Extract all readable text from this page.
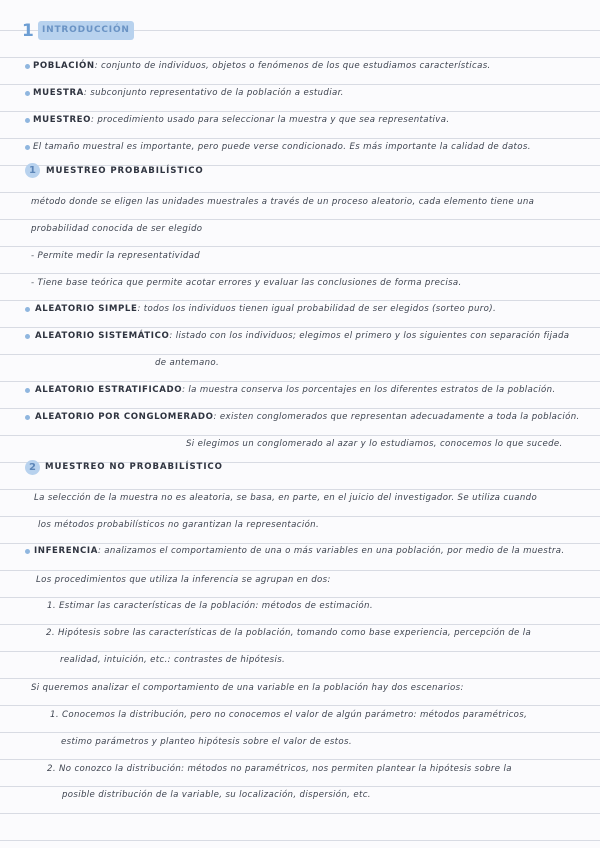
1 INTRODUCCIÓN
POBLACIÓN: conjunto de individuos, objetos o fenómenos de los que estudiamos características.
MUESTRA: subconjunto representativo de la población a estudiar.
MUESTREO: procedimiento usado para seleccionar la muestra y que sea representativa.
El tamaño muestral es importante, pero puede verse condicionado. Es más importante la calidad de datos.
1	MUESTREO PROBABILÍSTICO
método donde se eligen las unidades muestrales a través de un proceso aleatorio, cada elemento tiene una
probabilidad conocida de ser elegido
- Permite medir la representatividad
- Tiene base teórica que permite acotar errores y evaluar las conclusiones de forma precisa.
ALEATORIO SIMPLE: todos los individuos tienen igual probabilidad de ser elegidos (sorteo puro).
ALEATORIO SISTEMÁTICO: listado con los individuos; elegimos el primero y los siguientes con separación fijada
de antemano.
ALEATORIO ESTRATIFICADO: la muestra conserva los porcentajes en los diferentes estratos de la población.
ALEATORIO POR CONGLOMERADO: existen conglomerados que representan adecuadamente a toda la población.
Si elegimos un conglomerado al azar y lo estudiamos, conocemos lo que sucede.
2	MUESTREO NO PROBABILÍSTICO
La selección de la muestra no es aleatoria, se basa, en parte, en el juicio del investigador. Se utiliza cuando
los métodos probabilísticos no garantizan la representación.
INFERENCIA: analizamos el comportamiento de una o más variables en una población, por medio de la muestra.
Los procedimientos que utiliza la inferencia se agrupan en dos:
1. Estimar las características de la población: métodos de estimación.
2. Hipótesis sobre las características de la población, tomando como base experiencia, percepción de la
realidad, intuición, etc.: contrastes de hipótesis.
Si queremos analizar el comportamiento de una variable en la población hay dos escenarios:
1. Conocemos la distribución, pero no conocemos el valor de algún parámetro: métodos paramétricos,
estimo parámetros y planteo hipótesis sobre el valor de estos.
2. No conozco la distribución: métodos no paramétricos, nos permiten plantear la hipótesis sobre la
posible distribución de la variable, su localización, dispersión, etc.
